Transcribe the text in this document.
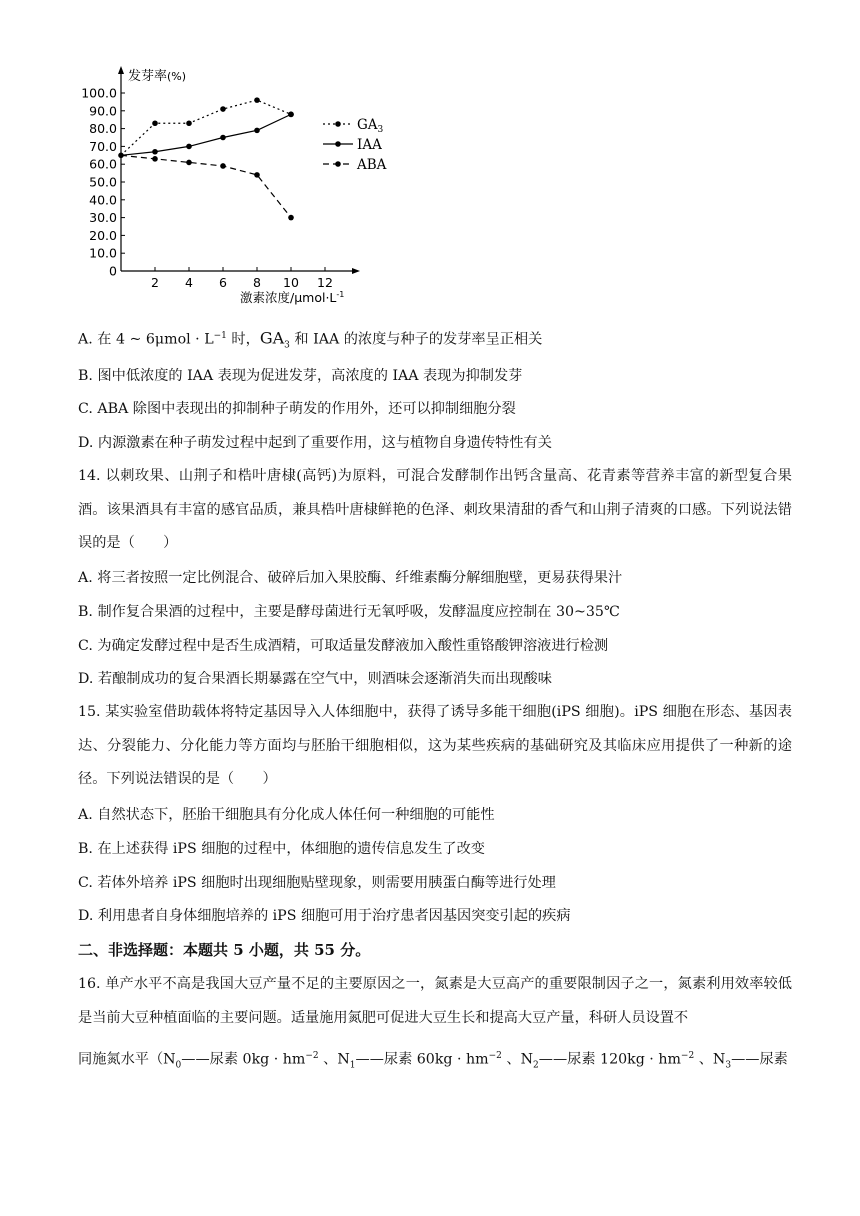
0
10.0
20.0
30.0
40.0
50.0
60.0
70.0
80.0
90.0
100.0
2 4 6 8 10 12
发芽率(%)
激素浓度$/\mu mol\cdot L^{-1}$
$GA_3$
IAA
ABA
A. 在 4 ~ $6\mu mol \cdot L^{-1}$ 时，$GA_3$ 和 IAA 的浓度与种子的发芽率呈正相关
B. 图中低浓度的 IAA 表现为促进发芽，高浓度的 IAA 表现为抑制发芽
C. ABA 除图中表现出的抑制种子萌发的作用外，还可以抑制细胞分裂
D. 内源激素在种子萌发过程中起到了重要作用，这与植物自身遗传特性有关
14. 以刺玫果、山荆子和梏叶唐棣(高钙)为原料，可混合发酵制作出钙含量高、花青素等营养丰富的新型复合果酒。该果酒具有丰富的感官品质，兼具梏叶唐棣鲜艳的色泽、刺玫果清甜的香气和山荆子清爽的口感。下列说法错误的是（　　）
A. 将三者按照一定比例混合、破碎后加入果胶酶、纤维素酶分解细胞壁，更易获得果汁
B. 制作复合果酒的过程中，主要是酵母菌进行无氧呼吸，发酵温度应控制在 30~35℃
C. 为确定发酵过程中是否生成酒精，可取适量发酵液加入酸性重铬酸钾溶液进行检测
D. 若酿制成功的复合果酒长期暴露在空气中，则酒味会逐渐消失而出现酸味
15. 某实验室借助载体将特定基因导入人体细胞中，获得了诱导多能干细胞(iPS 细胞)。iPS 细胞在形态、基因表达、分裂能力、分化能力等方面均与胚胎干细胞相似，这为某些疾病的基础研究及其临床应用提供了一种新的途径。下列说法错误的是（　　）
A. 自然状态下，胚胎干细胞具有分化成人体任何一种细胞的可能性
B. 在上述获得 iPS 细胞的过程中，体细胞的遗传信息发生了改变
C. 若体外培养 iPS 细胞时出现细胞贴壁现象，则需要用胰蛋白酶等进行处理
D. 利用患者自身体细胞培养的 iPS 细胞可用于治疗患者因基因突变引起的疾病
二、非选择题：本题共 5 小题，共 55 分。
16. 单产水平不高是我国大豆产量不足的主要原因之一，氮素是大豆高产的重要限制因子之一，氮素利用效率较低是当前大豆种植面临的主要问题。适量施用氮肥可促进大豆生长和提高大豆产量，科研人员设置不
同施氮水平（$N_0——$尿素 $0kg \cdot hm^{-2}$ 、$N_1——$尿素 $60kg \cdot hm^{-2}$ 、$N_2——$尿素 $120kg \cdot hm^{-2}$ 、$N_3——$尿素
